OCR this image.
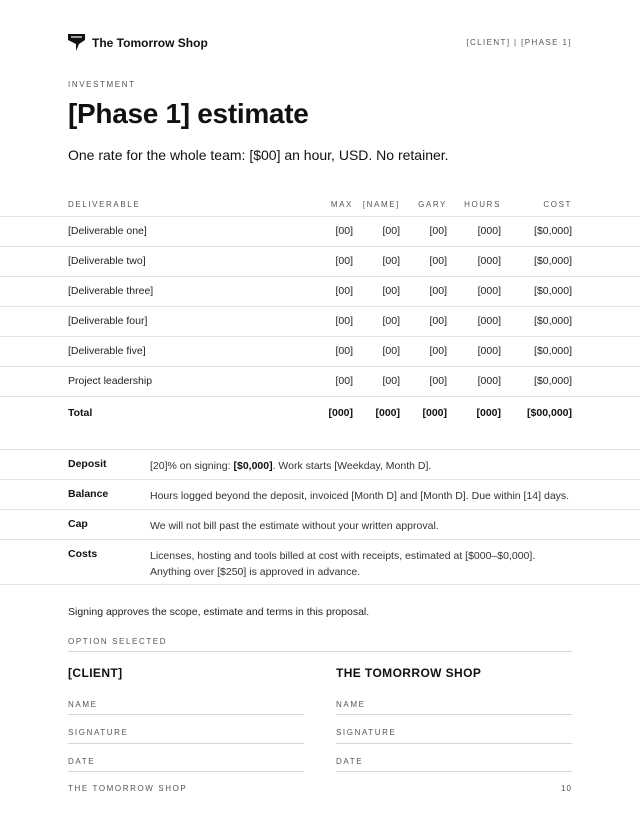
The Tomorrow Shop	[CLIENT] | [PHASE 1]
INVESTMENT
[Phase 1] estimate
One rate for the whole team: [$00] an hour, USD. No retainer.
DELIVERABLE	MAX	[NAME]	GARY	HOURS	COST
[Deliverable one]	[00]	[00]	[00]	[000]	[$0,000]
[Deliverable two]	[00]	[00]	[00]	[000]	[$0,000]
[Deliverable three]	[00]	[00]	[00]	[000]	[$0,000]
[Deliverable four]	[00]	[00]	[00]	[000]	[$0,000]
[Deliverable five]	[00]	[00]	[00]	[000]	[$0,000]
Project leadership	[00]	[00]	[00]	[000]	[$0,000]
Total	[000]	[000]	[000]	[000]	[$00,000]
Deposit	[20]% on signing: [$0,000]. Work starts [Weekday, Month D].
Balance	Hours logged beyond the deposit, invoiced [Month D] and [Month D]. Due within [14] days.
Cap	We will not bill past the estimate without your written approval.
Costs	Licenses, hosting and tools billed at cost with receipts, estimated at [$000–$0,000]. Anything over [$250] is approved in advance.
Signing approves the scope, estimate and terms in this proposal.
OPTION SELECTED
[CLIENT]	THE TOMORROW SHOP
NAME
SIGNATURE
DATE
NAME
SIGNATURE
DATE
THE TOMORROW SHOP	10
